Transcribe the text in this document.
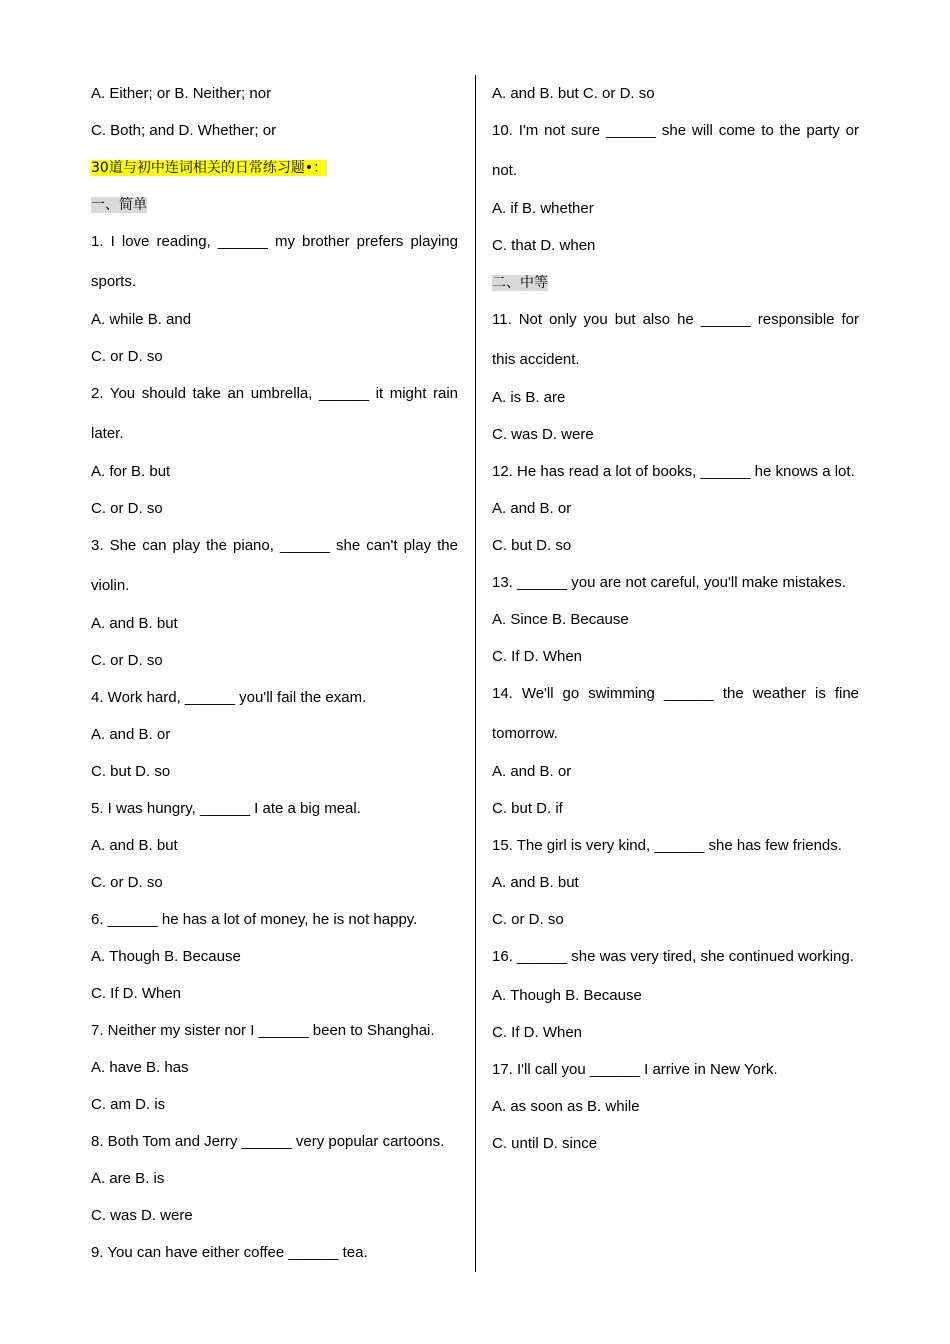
A. Either; or B. Neither; nor
C. Both; and D. Whether; or
30道与初中连词相关的日常练习题•：
一、简单
1. I love reading, ______ my brother prefers playing sports.
A. while B. and
C. or D. so
2. You should take an umbrella, ______ it might rain later.
A. for B. but
C. or D. so
3. She can play the piano, ______ she can't play the violin.
A. and B. but
C. or D. so
4. Work hard, ______ you'll fail the exam.
A. and B. or
C. but D. so
5. I was hungry, ______ I ate a big meal.
A. and B. but
C. or D. so
6. ______ he has a lot of money, he is not happy.
A. Though B. Because
C. If D. When
7. Neither my sister nor I ______ been to Shanghai.
A. have B. has
C. am D. is
8. Both Tom and Jerry ______ very popular cartoons.
A. are B. is
C. was D. were
9. You can have either coffee ______ tea.
A. and B. but C. or D. so
10. I'm not sure ______ she will come to the party or not.
A. if B. whether
C. that D. when
二、中等
11. Not only you but also he ______ responsible for this accident.
A. is B. are
C. was D. were
12. He has read a lot of books, ______ he knows a lot.
A. and B. or
C. but D. so
13. ______ you are not careful, you'll make mistakes.
A. Since B. Because
C. If D. When
14. We'll go swimming ______ the weather is fine tomorrow.
A. and B. or
C. but D. if
15. The girl is very kind, ______ she has few friends.
A. and B. but
C. or D. so
16. ______ she was very tired, she continued working.
A. Though B. Because
C. If D. When
17. I'll call you ______ I arrive in New York.
A. as soon as B. while
C. until D. since
